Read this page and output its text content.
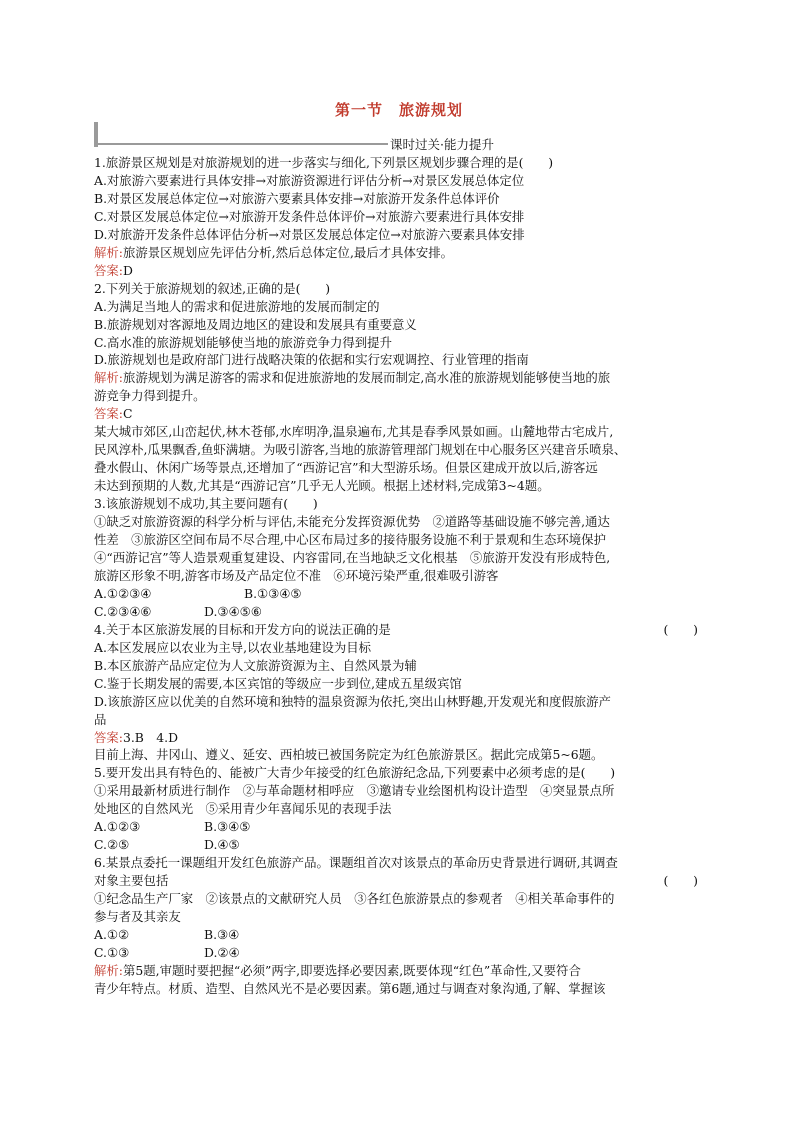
第一节　旅游规划
课时过关·能力提升
1.旅游景区规划是对旅游规划的进一步落实与细化,下列景区规划步骤合理的是(　　)
A.对旅游六要素进行具体安排→对旅游资源进行评估分析→对景区发展总体定位
B.对景区发展总体定位→对旅游六要素具体安排→对旅游开发条件总体评价
C.对景区发展总体定位→对旅游开发条件总体评价→对旅游六要素进行具体安排
D.对旅游开发条件总体评估分析→对景区发展总体定位→对旅游六要素具体安排
解析:旅游景区规划应先评估分析,然后总体定位,最后才具体安排。
答案:D
2.下列关于旅游规划的叙述,正确的是(　　)
A.为满足当地人的需求和促进旅游地的发展而制定的
B.旅游规划对客源地及周边地区的建设和发展具有重要意义
C.高水准的旅游规划能够使当地的旅游竞争力得到提升
D.旅游规划也是政府部门进行战略决策的依据和实行宏观调控、行业管理的指南
解析:旅游规划为满足游客的需求和促进旅游地的发展而制定,高水准的旅游规划能够使当地的旅
游竞争力得到提升。
答案:C
某大城市郊区,山峦起伏,林木苍郁,水库明净,温泉遍布,尤其是春季风景如画。山麓地带古宅成片,
民风淳朴,瓜果飘香,鱼虾满塘。为吸引游客,当地的旅游管理部门规划在中心服务区兴建音乐喷泉、
叠水假山、休闲广场等景点,还增加了“西游记宫”和大型游乐场。但景区建成开放以后,游客远
未达到预期的人数,尤其是“西游记宫”几乎无人光顾。根据上述材料,完成第3~4题。
3.该旅游规划不成功,其主要问题有(　　)
①缺乏对旅游资源的科学分析与评估,未能充分发挥资源优势　②道路等基础设施不够完善,通达
性差　③旅游区空间布局不尽合理,中心区布局过多的接待服务设施不利于景观和生态环境保护
④“西游记宫”等人造景观重复建设、内容雷同,在当地缺乏文化根基　⑤旅游开发没有形成特色,
旅游区形象不明,游客市场及产品定位不准　⑥环境污染严重,很难吸引游客
A.①②③④	B.①③④⑤
C.②③④⑥	D.③④⑤⑥
4.关于本区旅游发展的目标和开发方向的说法正确的是	(　　)
A.本区发展应以农业为主导,以农业基地建设为目标
B.本区旅游产品应定位为人文旅游资源为主、自然风景为辅
C.鉴于长期发展的需要,本区宾馆的等级应一步到位,建成五星级宾馆
D.该旅游区应以优美的自然环境和独特的温泉资源为依托,突出山林野趣,开发观光和度假旅游产
品
答案:3.B　4.D
目前上海、井冈山、遵义、延安、西柏坡已被国务院定为红色旅游景区。据此完成第5~6题。
5.要开发出具有特色的、能被广大青少年接受的红色旅游纪念品,下列要素中必须考虑的是(　　)
①采用最新材质进行制作　②与革命题材相呼应　③邀请专业绘图机构设计造型　④突显景点所
处地区的自然风光　⑤采用青少年喜闻乐见的表现手法
A.①②③	B.③④⑤
C.②⑤	D.④⑤
6.某景点委托一课题组开发红色旅游产品。课题组首次对该景点的革命历史背景进行调研,其调查
对象主要包括	(　　)
①纪念品生产厂家　②该景点的文献研究人员　③各红色旅游景点的参观者　④相关革命事件的
参与者及其亲友
A.①②	B.③④
C.①③	D.②④
解析:第5题,审题时要把握“必须”两字,即要选择必要因素,既要体现“红色”革命性,又要符合
青少年特点。材质、造型、自然风光不是必要因素。第6题,通过与调查对象沟通,了解、掌握该
